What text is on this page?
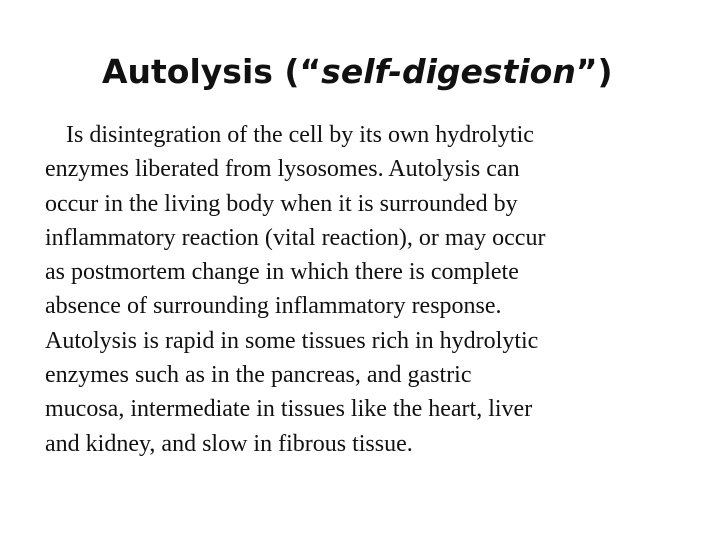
Autolysis (“self-digestion”)
Is disintegration of the cell by its own hydrolytic
enzymes liberated from lysosomes. Autolysis can
occur in the living body when it is surrounded by
inflammatory reaction (vital reaction), or may occur
as postmortem change in which there is complete
absence of surrounding inflammatory response.
Autolysis is rapid in some tissues rich in hydrolytic
enzymes such as in the pancreas, and gastric
mucosa, intermediate in tissues like the heart, liver
and kidney, and slow in fibrous tissue.
